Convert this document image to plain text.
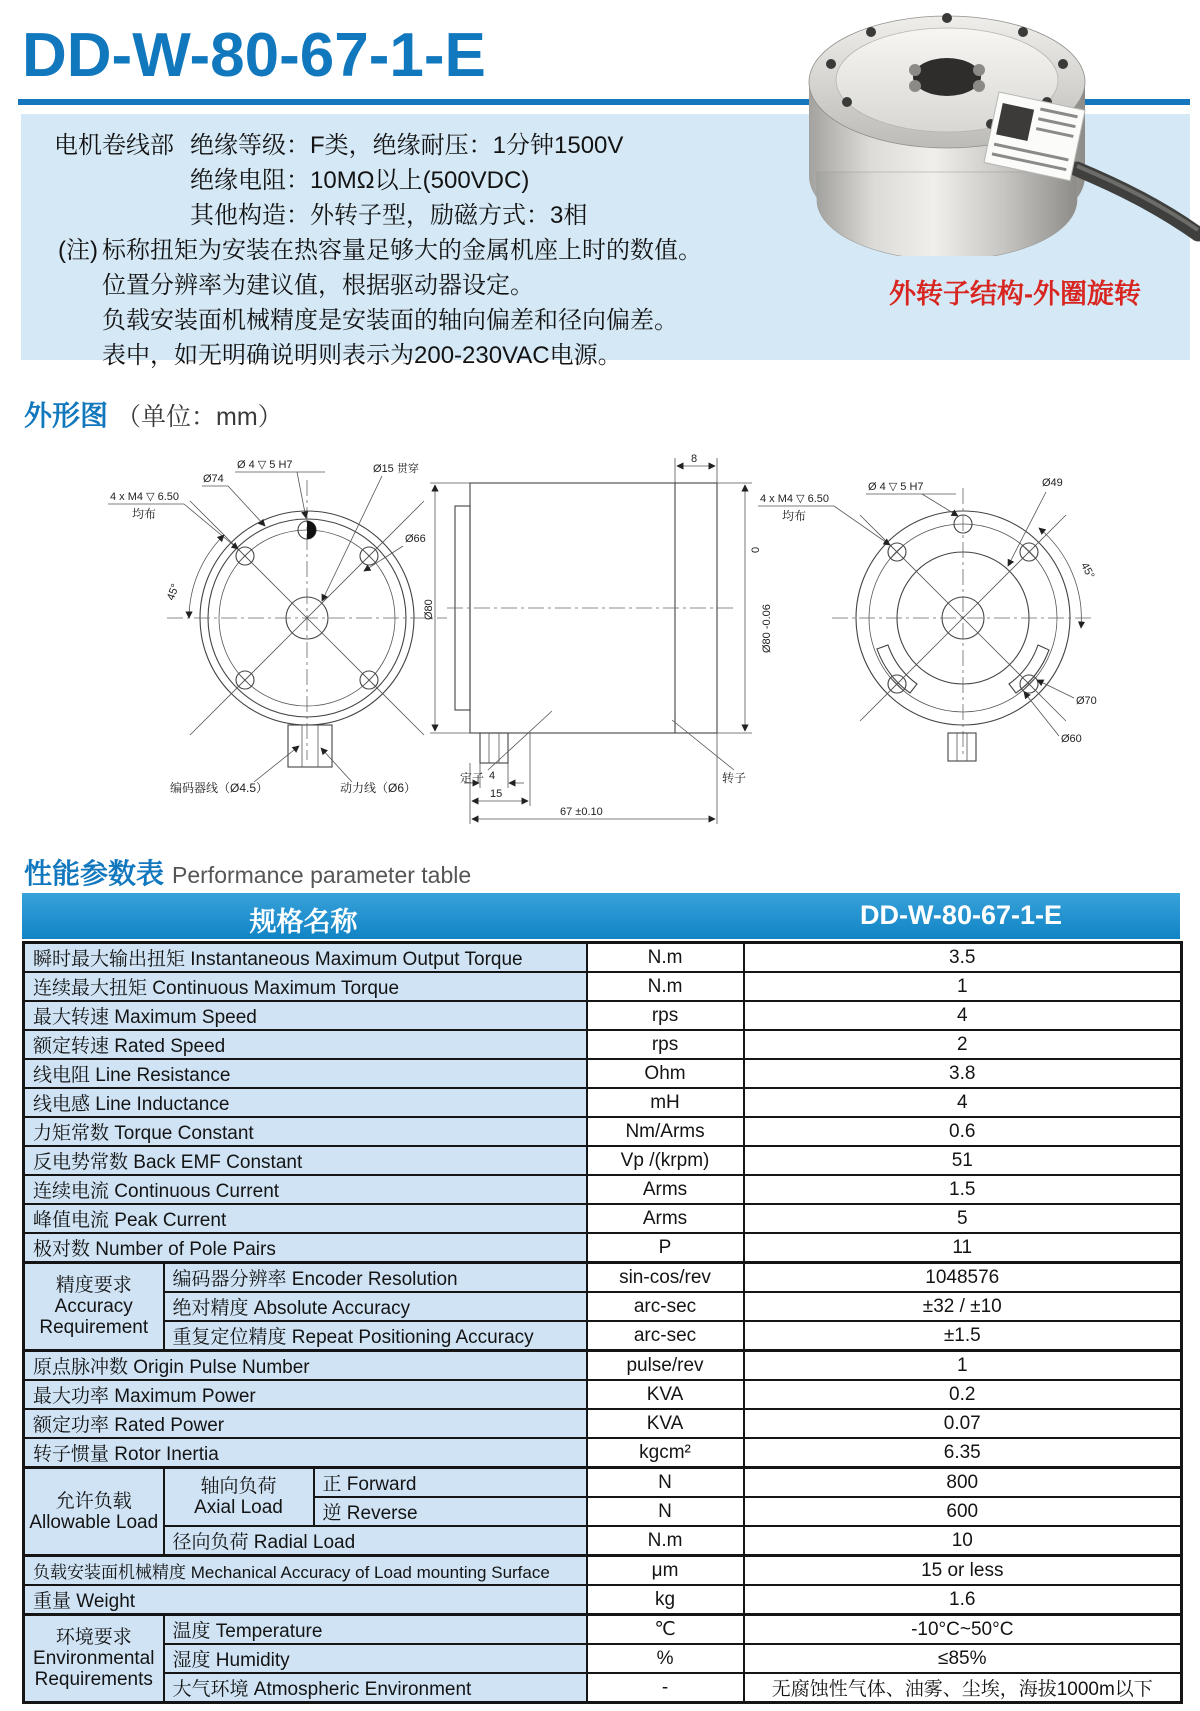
DD-W-80-67-1-E
电机卷线部 绝缘等级：F类，绝缘耐压：1分钟1500V
绝缘电阻：10MΩ以上(500VDC)
其他构造：外转子型，励磁方式：3相
(注) 标称扭矩为安装在热容量足够大的金属机座上时的数值。
位置分辨率为建议值，根据驱动器设定。
负载安装面机械精度是安装面的轴向偏差和径向偏差。
表中，如无明确说明则表示为200-230VAC电源。
外转子结构-外圈旋转
外形图 （单位：mm）
4 x M4 ▽ 6.50
均布
Ø74
Ø 4 ▽ 5 H7	Ø15 贯穿
Ø66
45°
编码器线（Ø4.5）	动力线（Ø6）
Ø80
8
0
Ø80 -0.06
定子	转子
4
15
67 ±0.10
4 x M4 ▽ 6.50
均布
Ø 4 ▽ 5 H7	Ø49
45°
Ø70
Ø60
性能参数表 Performance parameter table
规格名称	DD-W-80-67-1-E
瞬时最大输出扭矩 Instantaneous Maximum Output Torque			N.m	3.5
连续最大扭矩 Continuous Maximum Torque			N.m	1
最大转速 Maximum Speed			rps	4
额定转速 Rated Speed			rps	2
线电阻 Line Resistance			Ohm	3.8
线电感 Line Inductance			mH	4
力矩常数 Torque Constant			Nm/Arms	0.6
反电势常数 Back EMF Constant			Vp /(krpm)	51
连续电流 Continuous Current			Arms	1.5
峰值电流 Peak Current			Arms	5
极对数 Number of Pole Pairs			P	11
精度要求
Accuracy
Requirement	编码器分辨率 Encoder Resolution		sin-cos/rev	1048576
	绝对精度 Absolute Accuracy		arc-sec	±32 / ±10
	重复定位精度 Repeat Positioning Accuracy		arc-sec	±1.5
原点脉冲数 Origin Pulse Number			pulse/rev	1
最大功率 Maximum Power			KVA	0.2
额定功率 Rated Power			KVA	0.07
转子惯量 Rotor Inertia			kgcm²	6.35
允许负载
Allowable Load	轴向负荷
Axial Load	正 Forward	N	800
		逆 Reverse	N	600
	径向负荷 Radial Load		N.m	10
负载安装面机械精度 Mechanical Accuracy of Load mounting Surface			μm	15 or less
重量 Weight			kg	1.6
环境要求
Environmental
Requirements	温度 Temperature		℃	-10°C~50°C
	湿度 Humidity		%	≤85%
	大气环境 Atmospheric Environment		-	无腐蚀性气体、油雾、尘埃，海拔1000m以下
